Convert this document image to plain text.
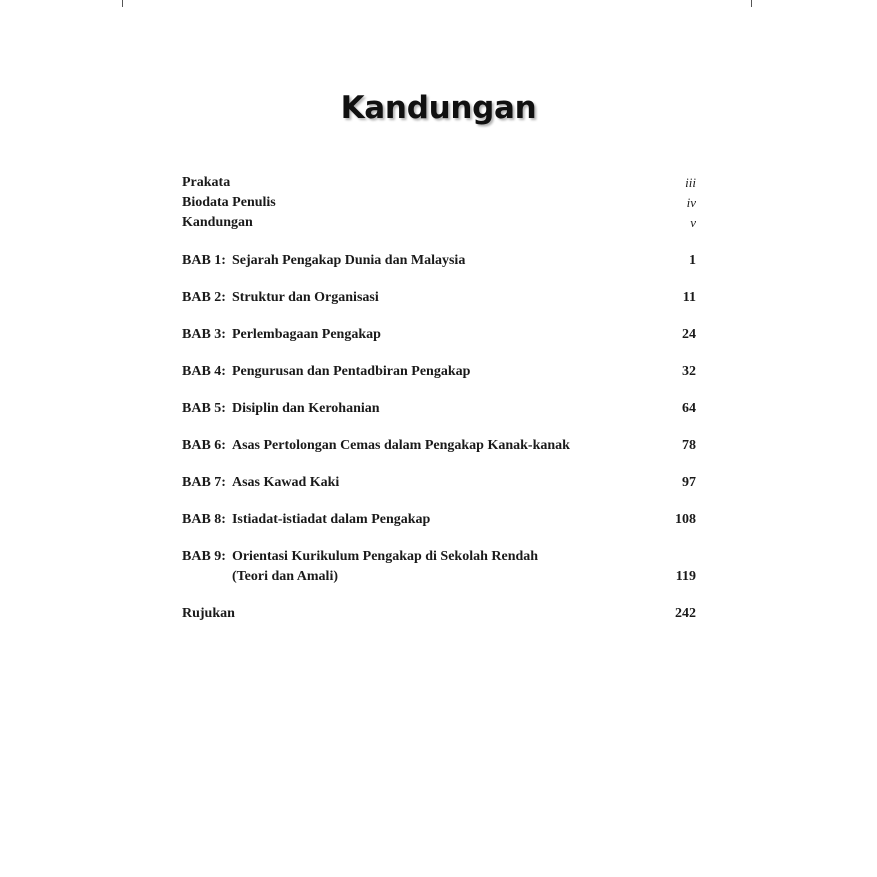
Kandungan
Prakata	iii
Biodata Penulis	iv
Kandungan	v
BAB 1: Sejarah Pengakap Dunia dan Malaysia	1
BAB 2: Struktur dan Organisasi	11
BAB 3: Perlembagaan Pengakap	24
BAB 4: Pengurusan dan Pentadbiran Pengakap	32
BAB 5: Disiplin dan Kerohanian	64
BAB 6: Asas Pertolongan Cemas dalam Pengakap Kanak-kanak	78
BAB 7: Asas Kawad Kaki	97
BAB 8: Istiadat-istiadat dalam Pengakap	108
BAB 9: Orientasi Kurikulum Pengakap di Sekolah Rendah
(Teori dan Amali)	119
Rujukan	242
